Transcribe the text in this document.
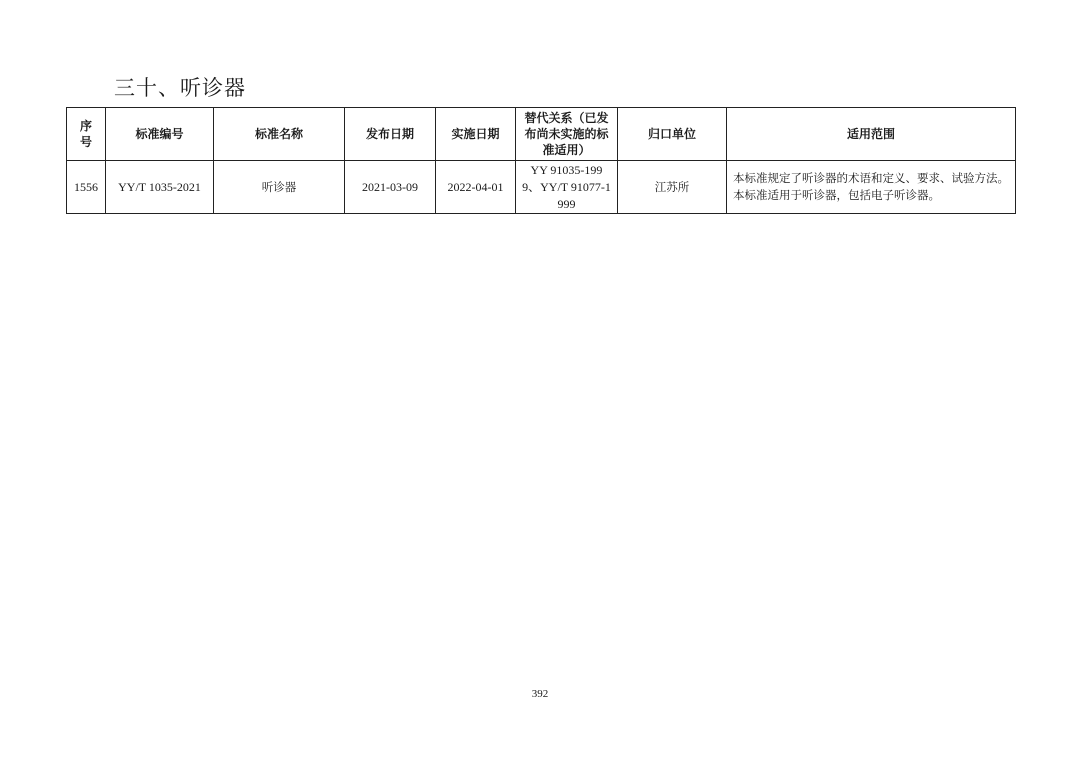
三十、听诊器
序号	标准编号	标准名称	发布日期	实施日期	替代关系（已发布尚未实施的标准适用）	归口单位	适用范围
1556	YY/T 1035-2021	听诊器	2021-03-09	2022-04-01	YY 91035-1999、YY/T 91077-1999	江苏所	本标准规定了听诊器的术语和定义、要求、试验方法。本标准适用于听诊器，包括电子听诊器。
392
